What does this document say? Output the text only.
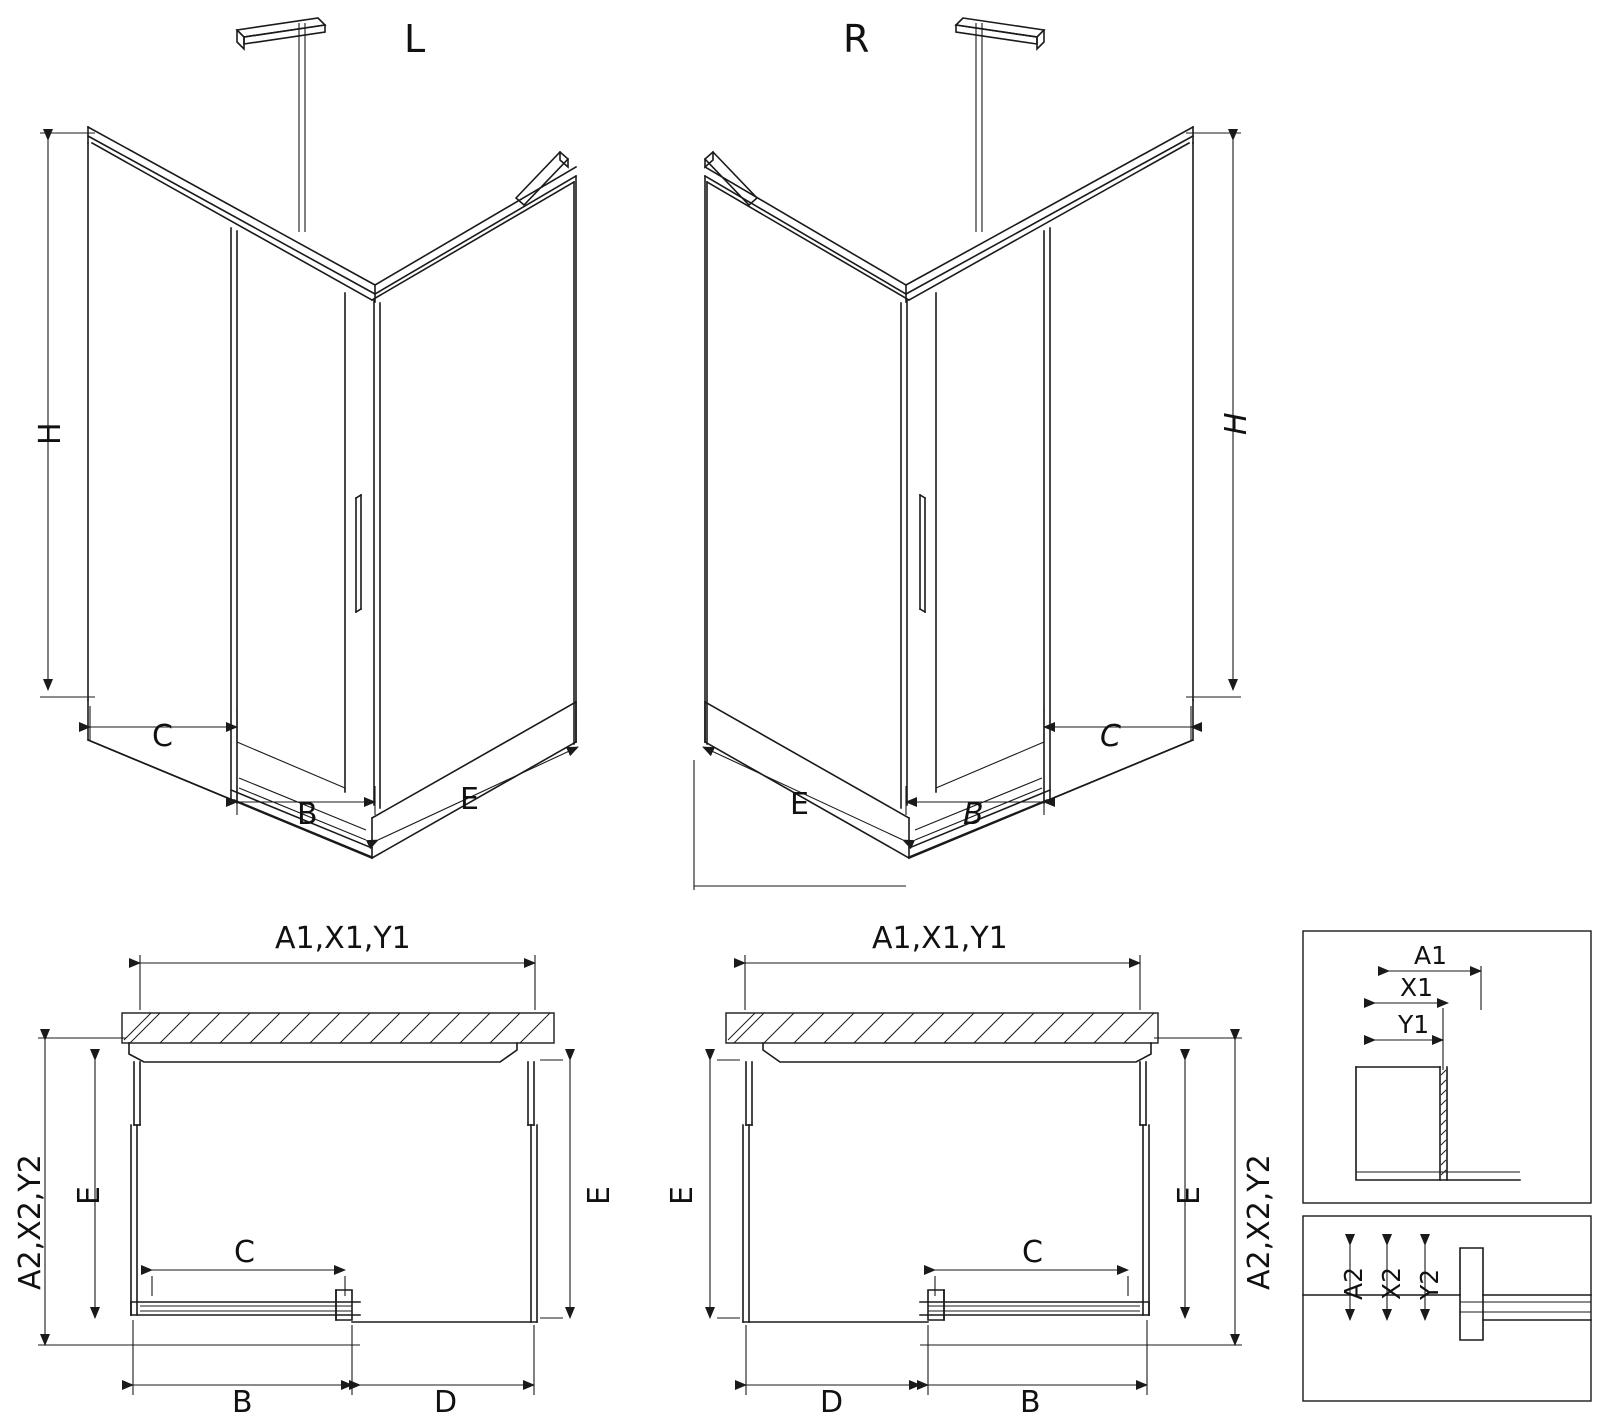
L	R
H
C
B	E
H
C
B
E
A1,X1,Y1
A2,X2,Y2 E	E
C
B	D
A1,X1,Y1
A2,X2,Y2
E	E
C
B
D
A1
X1
Y1
A2 X2 Y2
